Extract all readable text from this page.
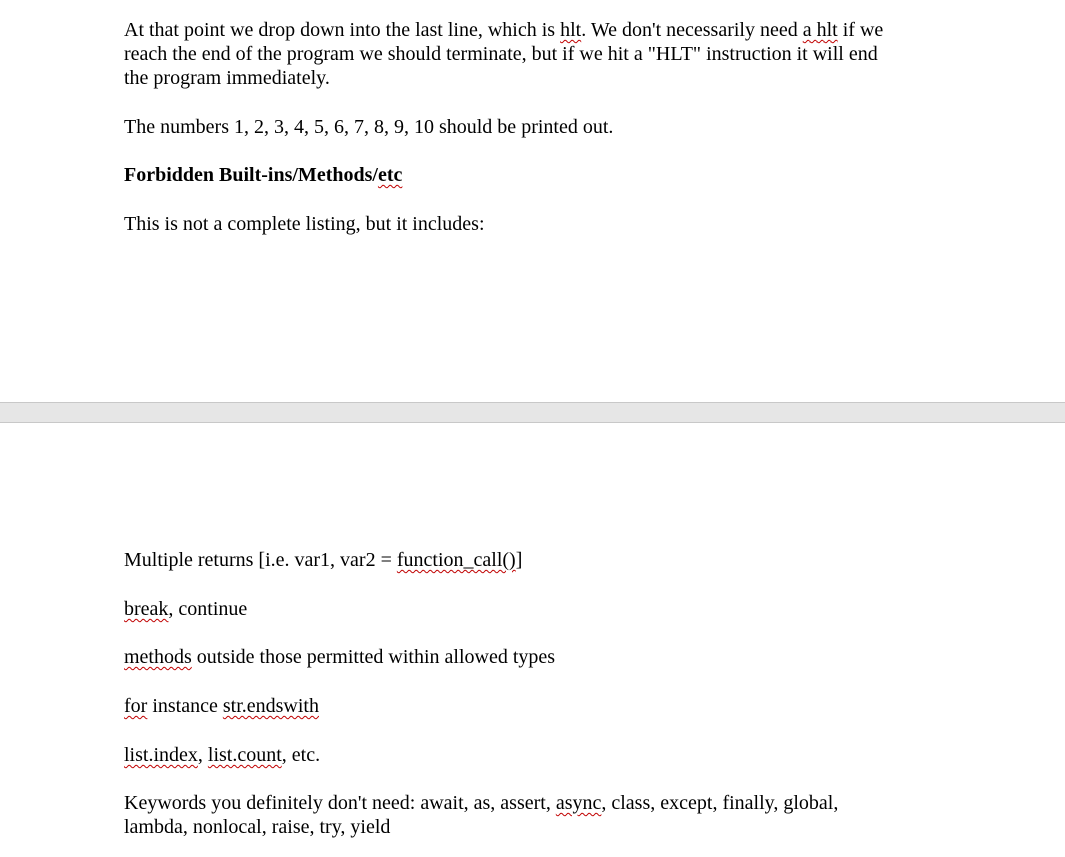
At that point we drop down into the last line, which is hlt. We don't necessarily need a hlt if we
reach the end of the program we should terminate, but if we hit a "HLT" instruction it will end
the program immediately.

The numbers 1, 2, 3, 4, 5, 6, 7, 8, 9, 10 should be printed out.

Forbidden Built-ins/Methods/etc

This is not a complete listing, but it includes:

Multiple returns [i.e. var1, var2 = function_call()]

break, continue

methods outside those permitted within allowed types

for instance str.endswith

list.index, list.count, etc.

Keywords you definitely don't need: await, as, assert, async, class, except, finally, global,
lambda, nonlocal, raise, try, yield
